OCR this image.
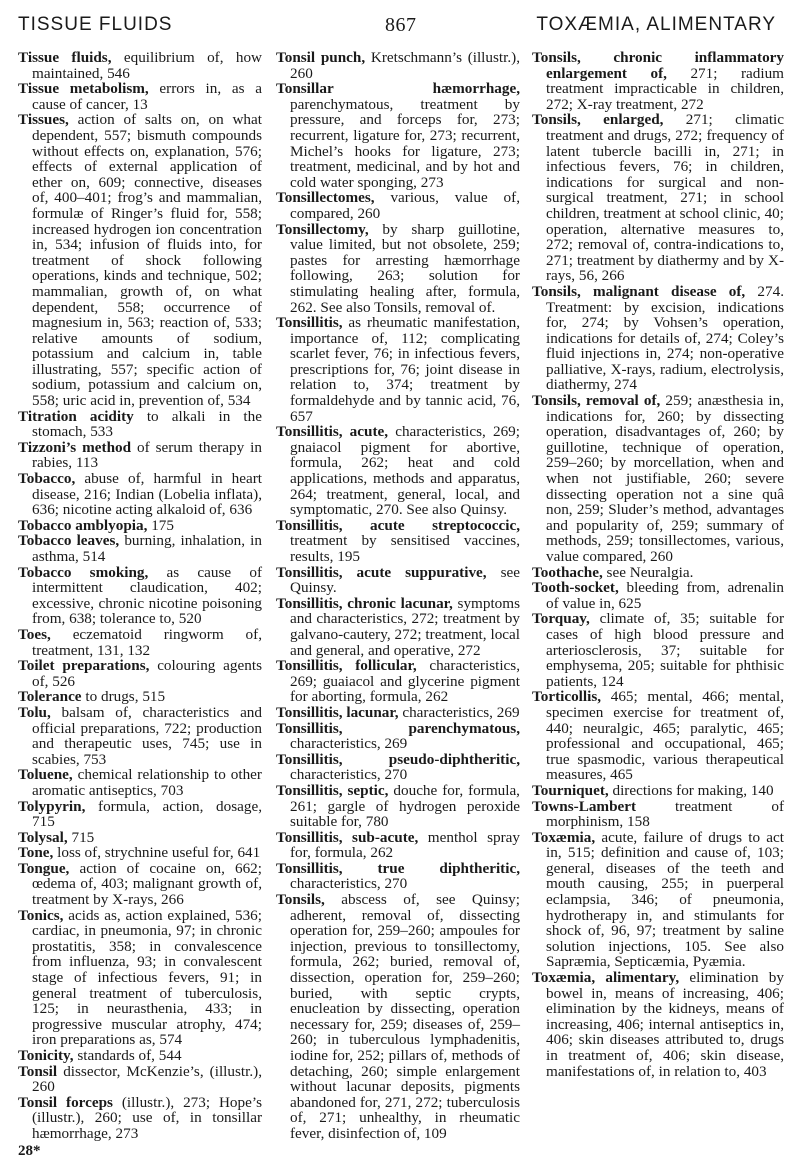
TISSUE FLUIDS	867	TOXÆMIA, ALIMENTARY

Tissue fluids, equilibrium of, how maintained, 546

Tissue metabolism, errors in, as a cause of cancer, 13

Tissues, action of salts on, on what dependent, 557; bismuth compounds without effects on, explanation, 576; effects of external application of ether on, 609; connective, diseases of, 400–401; frog’s and mammalian, formulæ of Ringer’s fluid for, 558; increased hydrogen ion concentration in, 534; infusion of fluids into, for treatment of shock following operations, kinds and technique, 502; mammalian, growth of, on what dependent, 558; occurrence of magnesium in, 563; reaction of, 533; relative amounts of sodium, potassium and calcium in, table illustrating, 557; specific action of sodium, potassium and calcium on, 558; uric acid in, prevention of, 534

Titration acidity to alkali in the stomach, 533

Tizzoni’s method of serum therapy in rabies, 113

Tobacco, abuse of, harmful in heart disease, 216; Indian (Lobelia inflata), 636; nicotine acting alkaloid of, 636

Tobacco amblyopia, 175

Tobacco leaves, burning, inhalation, in asthma, 514

Tobacco smoking, as cause of intermittent claudication, 402; excessive, chronic nicotine poisoning from, 638; tolerance to, 520

Toes, eczematoid ringworm of, treatment, 131, 132

Toilet preparations, colouring agents of, 526

Tolerance to drugs, 515

Tolu, balsam of, characteristics and official preparations, 722; production and therapeutic uses, 745; use in scabies, 753

Toluene, chemical relationship to other aromatic antiseptics, 703

Tolypyrin, formula, action, dosage, 715

Tolysal, 715

Tone, loss of, strychnine useful for, 641

Tongue, action of cocaine on, 662; œdema of, 403; malignant growth of, treatment by X-rays, 266

Tonics, acids as, action explained, 536; cardiac, in pneumonia, 97; in chronic prostatitis, 358; in convalescence from influenza, 93; in convalescent stage of infectious fevers, 91; in general treatment of tuberculosis, 125; in neurasthenia, 433; in progressive muscular atrophy, 474; iron preparations as, 574

Tonicity, standards of, 544

Tonsil dissector, McKenzie’s, (illustr.), 260

Tonsil forceps (illustr.), 273; Hope’s (illustr.), 260; use of, in tonsillar hæmorrhage, 273

28*

Tonsil punch, Kretschmann’s (illustr.), 260

Tonsillar hæmorrhage, parenchymatous, treatment by pressure, and forceps for, 273; recurrent, ligature for, 273; recurrent, Michel’s hooks for ligature, 273; treatment, medicinal, and by hot and cold water sponging, 273

Tonsillectomes, various, value of, compared, 260

Tonsillectomy, by sharp guillotine, value limited, but not obsolete, 259; pastes for arresting hæmorrhage following, 263; solution for stimulating healing after, formula, 262. See also Tonsils, removal of.

Tonsillitis, as rheumatic manifestation, importance of, 112; complicating scarlet fever, 76; in infectious fevers, prescriptions for, 76; joint disease in relation to, 374; treatment by formaldehyde and by tannic acid, 76, 657

Tonsillitis, acute, characteristics, 269; gnaiacol pigment for abortive, formula, 262; heat and cold applications, methods and apparatus, 264; treatment, general, local, and symptomatic, 270. See also Quinsy.

Tonsillitis, acute streptococcic, treatment by sensitised vaccines, results, 195

Tonsillitis, acute suppurative, see Quinsy.

Tonsillitis, chronic lacunar, symptoms and characteristics, 272; treatment by galvano-cautery, 272; treatment, local and general, and operative, 272

Tonsillitis, follicular, characteristics, 269; guaiacol and glycerine pigment for aborting, formula, 262

Tonsillitis, lacunar, characteristics, 269

Tonsillitis, parenchymatous, characteristics, 269

Tonsillitis, pseudo-diphtheritic, characteristics, 270

Tonsillitis, septic, douche for, formula, 261; gargle of hydrogen peroxide suitable for, 780

Tonsillitis, sub-acute, menthol spray for, formula, 262

Tonsillitis, true diphtheritic, characteristics, 270

Tonsils, abscess of, see Quinsy; adherent, removal of, dissecting operation for, 259–260; ampoules for injection, previous to tonsillectomy, formula, 262; buried, removal of, dissection, operation for, 259–260; buried, with septic crypts, enucleation by dissecting, operation necessary for, 259; diseases of, 259–260; in tuberculous lymphadenitis, iodine for, 252; pillars of, methods of detaching, 260; simple enlargement without lacunar deposits, pigments abandoned for, 271, 272; tuberculosis of, 271; unhealthy, in rheumatic fever, disinfection of, 109

Tonsils, chronic inflammatory enlargement of, 271; radium treatment impracticable in children, 272; X-ray treatment, 272

Tonsils, enlarged, 271; climatic treatment and drugs, 272; frequency of latent tubercle bacilli in, 271; in infectious fevers, 76; in children, indications for surgical and non-surgical treatment, 271; in school children, treatment at school clinic, 40; operation, alternative measures to, 272; removal of, contra-indications to, 271; treatment by diathermy and by X-rays, 56, 266

Tonsils, malignant disease of, 274. Treatment: by excision, indications for, 274; by Vohsen’s operation, indications for details of, 274; Coley’s fluid injections in, 274; non-operative palliative, X-rays, radium, electrolysis, diathermy, 274

Tonsils, removal of, 259; anæsthesia in, indications for, 260; by dissecting operation, disadvantages of, 260; by guillotine, technique of operation, 259–260; by morcellation, when and when not justifiable, 260; severe dissecting operation not a sine quâ non, 259; Sluder’s method, advantages and popularity of, 259; summary of methods, 259; tonsillectomes, various, value compared, 260

Toothache, see Neuralgia.

Tooth-socket, bleeding from, adrenalin of value in, 625

Torquay, climate of, 35; suitable for cases of high blood pressure and arteriosclerosis, 37; suitable for emphysema, 205; suitable for phthisic patients, 124

Torticollis, 465; mental, 466; mental, specimen exercise for treatment of, 440; neuralgic, 465; paralytic, 465; professional and occupational, 465; true spasmodic, various therapeutical measures, 465

Tourniquet, directions for making, 140

Towns-Lambert treatment of morphinism, 158

Toxæmia, acute, failure of drugs to act in, 515; definition and cause of, 103; general, diseases of the teeth and mouth causing, 255; in puerperal eclampsia, 346; of pneumonia, hydrotherapy in, and stimulants for shock of, 96, 97; treatment by saline solution injections, 105. See also Sapræmia, Septicæmia, Pyæmia.

Toxæmia, alimentary, elimination by bowel in, means of increasing, 406; elimination by the kidneys, means of increasing, 406; internal antiseptics in, 406; skin diseases attributed to, drugs in treatment of, 406; skin disease, manifestations of, in relation to, 403
